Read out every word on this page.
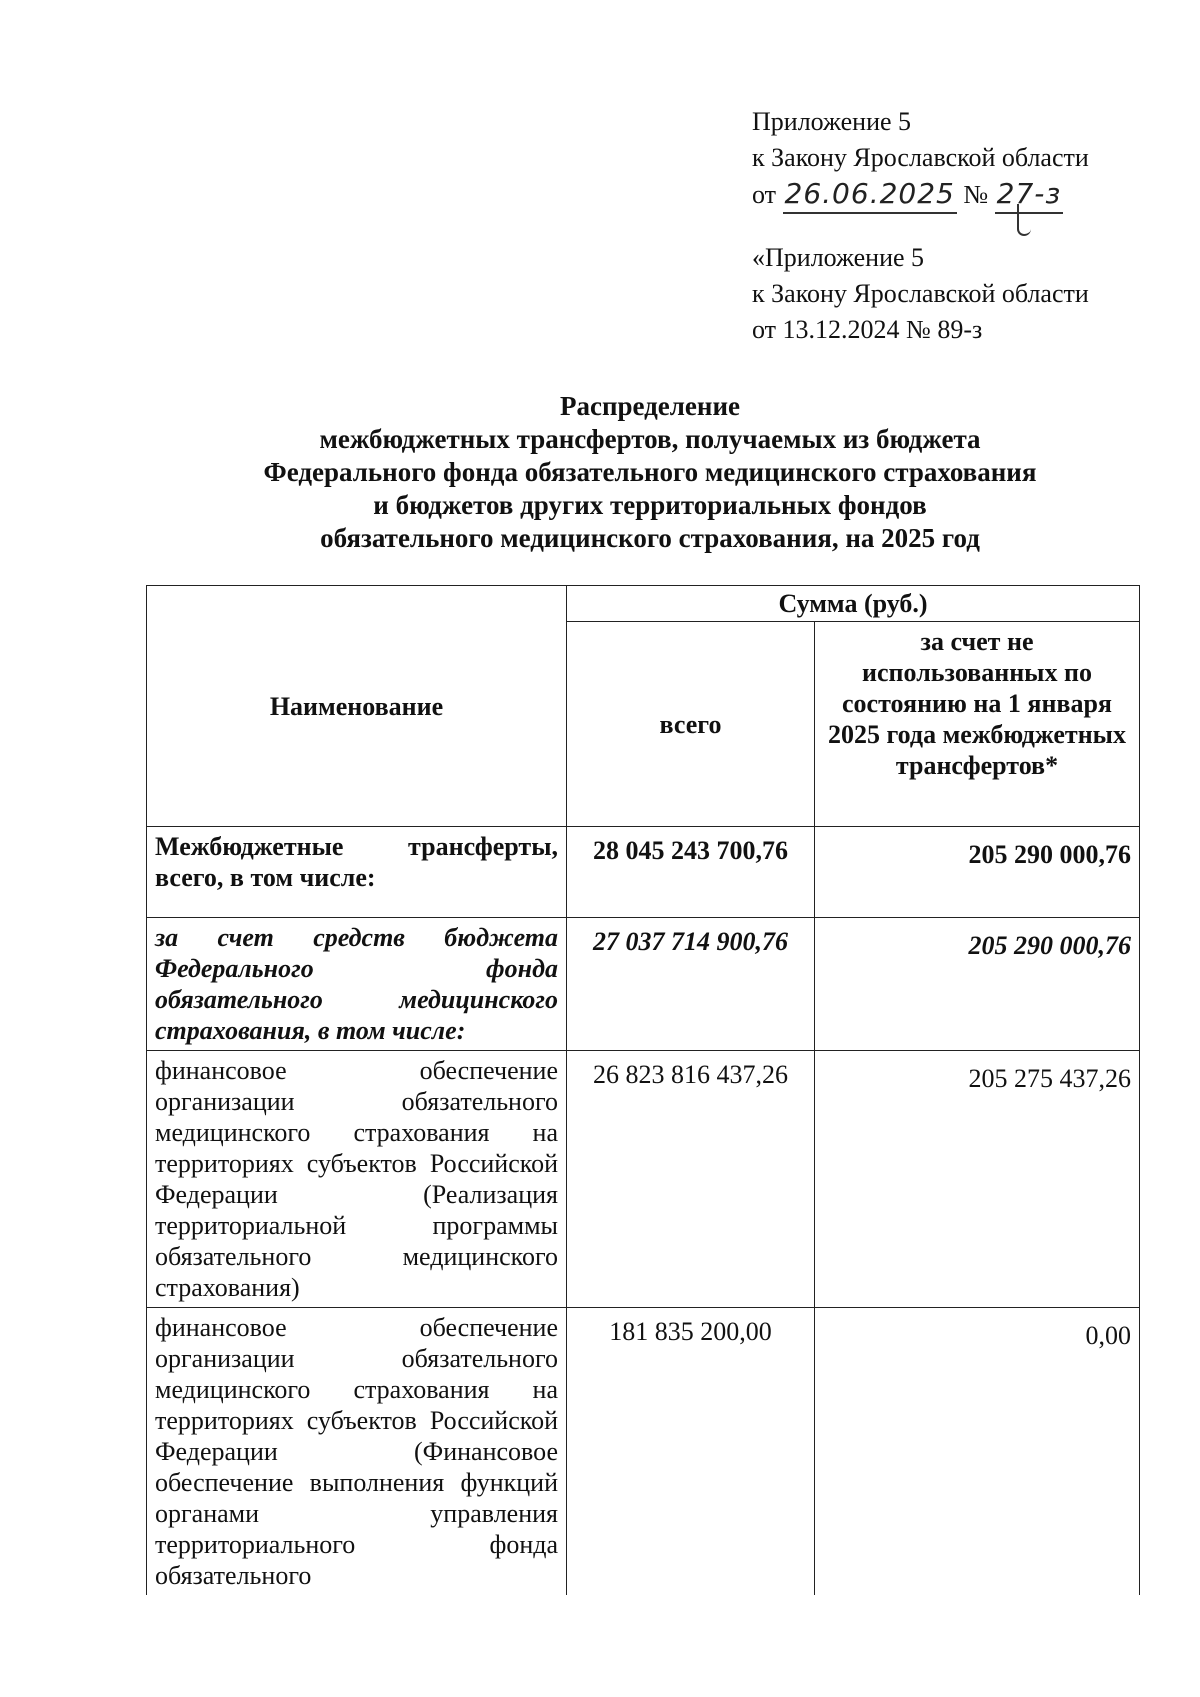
Приложение 5
к Закону Ярославской области
от 26.06.2025 № 27-з
«Приложение 5
к Закону Ярославской области
от 13.12.2024 № 89-з
Распределение
межбюджетных трансфертов, получаемых из бюджета
Федерального фонда обязательного медицинского страхования
и бюджетов других территориальных фондов
обязательного медицинского страхования, на 2025 год
Наименование	Сумма (руб.)	
	всего	за счет не использованных по состоянию на 1 января 2025 года межбюджетных трансфертов*
Межбюджетные трансферты, всего, в том числе:	28 045 243 700,76	205 290 000,76
за счет средств бюджета Федерального фонда обязательного медицинского страхования, в том числе:	27 037 714 900,76	205 290 000,76
финансовое обеспечение организации обязательного медицинского страхования на территориях субъектов Российской Федерации (Реализация территориальной программы обязательного медицинского страхования)	26 823 816 437,26	205 275 437,26
финансовое обеспечение организации обязательного медицинского страхования на территориях субъектов Российской Федерации (Финансовое обеспечение выполнения функций органами управления территориального фонда обязательного	181 835 200,00	0,00
